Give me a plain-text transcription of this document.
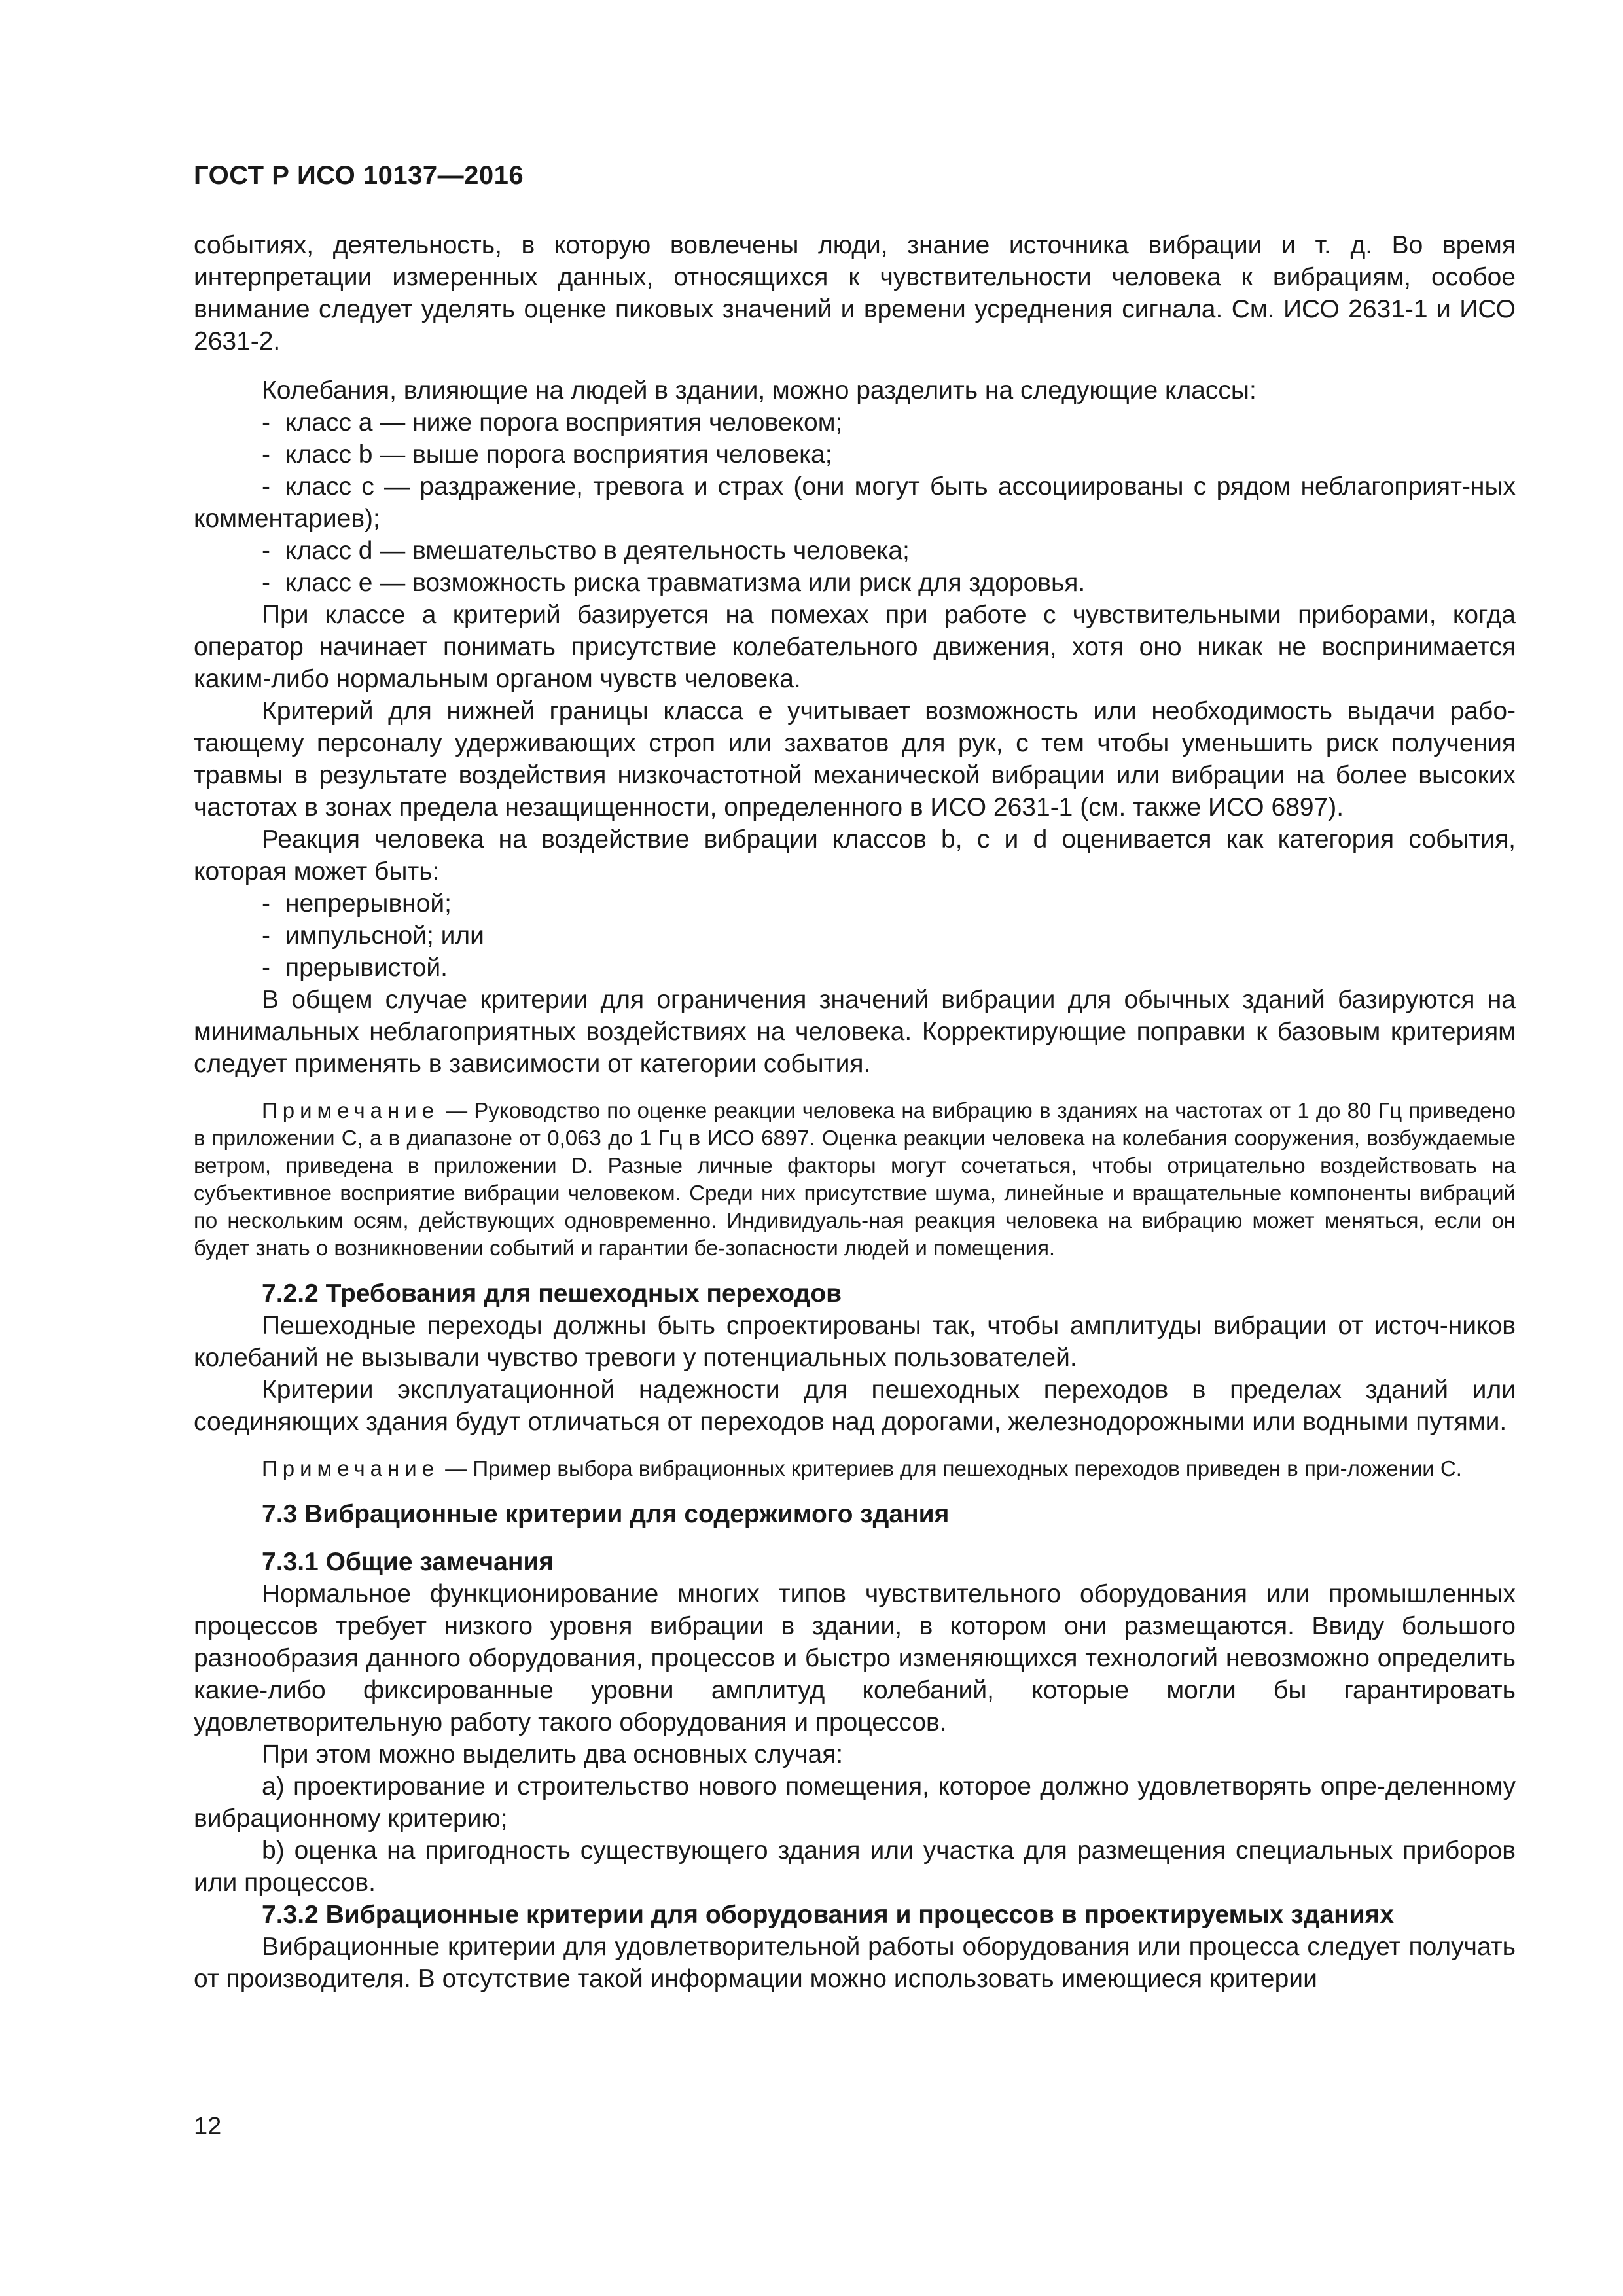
ГОСТ Р ИСО 10137—2016

событиях, деятельность, в которую вовлечены люди, знание источника вибрации и т. д. Во время интерпретации измеренных данных, относящихся к чувствительности человека к вибрациям, особое внимание следует уделять оценке пиковых значений и времени усреднения сигнала. См. ИСО 2631-1 и ИСО 2631-2.

Колебания, влияющие на людей в здании, можно разделить на следующие классы:

- класс a — ниже порога восприятия человеком;
- класс b — выше порога восприятия человека;
- класс с — раздражение, тревога и страх (они могут быть ассоциированы с рядом неблагоприят-ных комментариев);
- класс d — вмешательство в деятельность человека;
- класс е — возможность риска травматизма или риск для здоровья.

При классе а критерий базируется на помехах при работе с чувствительными приборами, когда оператор начинает понимать присутствие колебательного движения, хотя оно никак не воспринимается каким-либо нормальным органом чувств человека.

Критерий для нижней границы класса е учитывает возможность или необходимость выдачи рабо-тающему персоналу удерживающих строп или захватов для рук, с тем чтобы уменьшить риск получения травмы в результате воздействия низкочастотной механической вибрации или вибрации на более высоких частотах в зонах предела незащищенности, определенного в ИСО 2631-1 (см. также ИСО 6897).

Реакция человека на воздействие вибрации классов b, с и d оценивается как категория события, которая может быть:

- непрерывной;
- импульсной; или
- прерывистой.

В общем случае критерии для ограничения значений вибрации для обычных зданий базируются на минимальных неблагоприятных воздействиях на человека. Корректирующие поправки к базовым критериям следует применять в зависимости от категории события.

Примечание — Руководство по оценке реакции человека на вибрацию в зданиях на частотах от 1 до 80 Гц приведено в приложении С, а в диапазоне от 0,063 до 1 Гц в ИСО 6897. Оценка реакции человека на колебания сооружения, возбуждаемые ветром, приведена в приложении D. Разные личные факторы могут сочетаться, чтобы отрицательно воздействовать на субъективное восприятие вибрации человеком. Среди них присутствие шума, линейные и вращательные компоненты вибраций по нескольким осям, действующих одновременно. Индивидуаль-ная реакция человека на вибрацию может меняться, если он будет знать о возникновении событий и гарантии бе-зопасности людей и помещения.

7.2.2 Требования для пешеходных переходов

Пешеходные переходы должны быть спроектированы так, чтобы амплитуды вибрации от источ-ников колебаний не вызывали чувство тревоги у потенциальных пользователей.

Критерии эксплуатационной надежности для пешеходных переходов в пределах зданий или соединяющих здания будут отличаться от переходов над дорогами, железнодорожными или водными путями.

Примечание — Пример выбора вибрационных критериев для пешеходных переходов приведен в при-ложении С.

7.3 Вибрационные критерии для содержимого здания
7.3.1 Общие замечания

Нормальное функционирование многих типов чувствительного оборудования или промышленных процессов требует низкого уровня вибрации в здании, в котором они размещаются. Ввиду большого разнообразия данного оборудования, процессов и быстро изменяющихся технологий невозможно определить какие-либо фиксированные уровни амплитуд колебаний, которые могли бы гарантировать удовлетворительную работу такого оборудования и процессов.

При этом можно выделить два основных случая:

а) проектирование и строительство нового помещения, которое должно удовлетворять опре-деленному вибрационному критерию;

b) оценка на пригодность существующего здания или участка для размещения специальных приборов или процессов.

7.3.2 Вибрационные критерии для оборудования и процессов в проектируемых зданиях

Вибрационные критерии для удовлетворительной работы оборудования или процесса следует получать от производителя. В отсутствие такой информации можно использовать имеющиеся критерии

12
